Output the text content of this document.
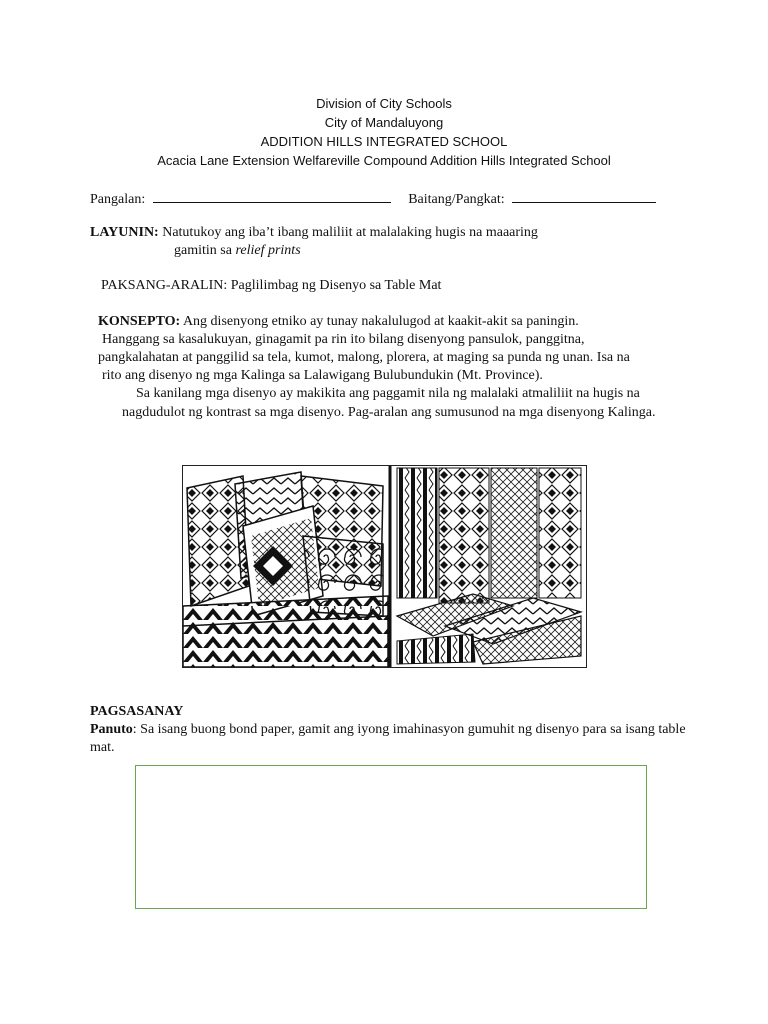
Division of City Schools
City of Mandaluyong
ADDITION HILLS INTEGRATED SCHOOL
Acacia Lane Extension Welfareville Compound Addition Hills Integrated School
Pangalan:	Baitang/Pangkat:
LAYUNIN: Natutukoy ang iba’t ibang maliliit at malalaking hugis na maaaring
gamitin sa relief prints
PAKSANG-ARALIN: Paglilimbag ng Disenyo sa Table Mat

KONSEPTO: Ang disenyong etniko ay tunay nakalulugod at kaakit-akit sa paningin.

Hanggang sa kasalukuyan, ginagamit pa rin ito bilang disenyong pansulok, panggitna,

pangkalahatan at panggilid sa tela, kumot, malong, plorera, at maging sa punda ng unan. Isa na

rito ang disenyo ng mga Kalinga sa Lalawigang Bulubundukin (Mt. Province).

Sa kanilang mga disenyo ay makikita ang paggamit nila ng malalaki atmaliliit na hugis na

nagdudulot ng kontrast sa mga disenyo. Pag-aralan ang sumusunod na mga disenyong Kalinga.

PAGSASANAY
Panuto: Sa isang buong bond paper, gamit ang iyong imahinasyon gumuhit ng disenyo para sa isang table mat.
